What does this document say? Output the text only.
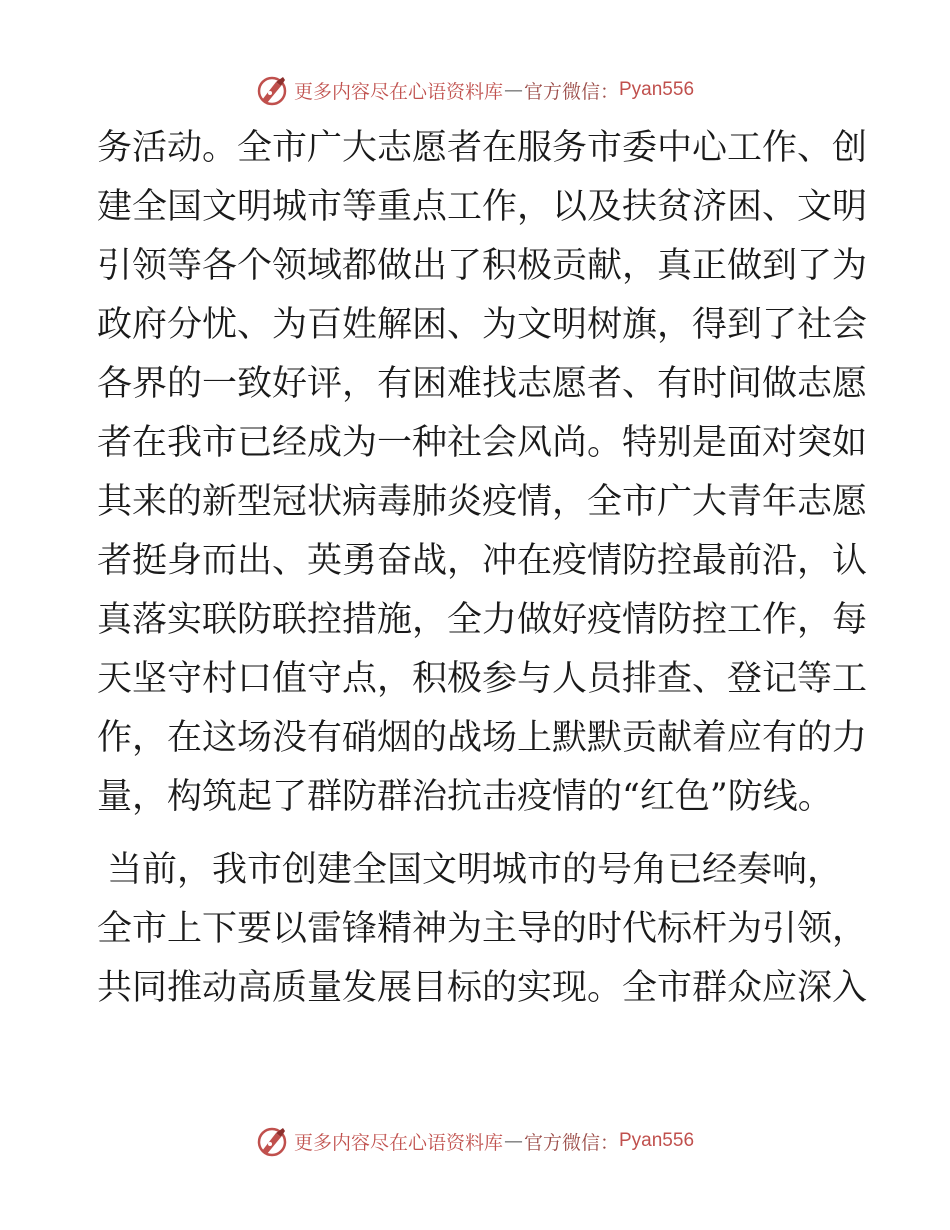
更多内容尽在心语资料库 — 官方微信： Pyan556
务活动。全市广大志愿者在服务市委中心工作、创
建全国文明城市等重点工作，以及扶贫济困、文明
引领等各个领域都做出了积极贡献，真正做到了为
政府分忧、为百姓解困、为文明树旗，得到了社会
各界的一致好评，有困难找志愿者、有时间做志愿
者在我市已经成为一种社会风尚。特别是面对突如
其来的新型冠状病毒肺炎疫情，全市广大青年志愿
者挺身而出、英勇奋战，冲在疫情防控最前沿，认
真落实联防联控措施，全力做好疫情防控工作，每
天坚守村口值守点，积极参与人员排查、登记等工
作，在这场没有硝烟的战场上默默贡献着应有的力
量，构筑起了群防群治抗击疫情的“红色”防线。
当前，我市创建全国文明城市的号角已经奏响，
全市上下要以雷锋精神为主导的时代标杆为引领，
共同推动高质量发展目标的实现。全市群众应深入
更多内容尽在心语资料库 — 官方微信： Pyan556
